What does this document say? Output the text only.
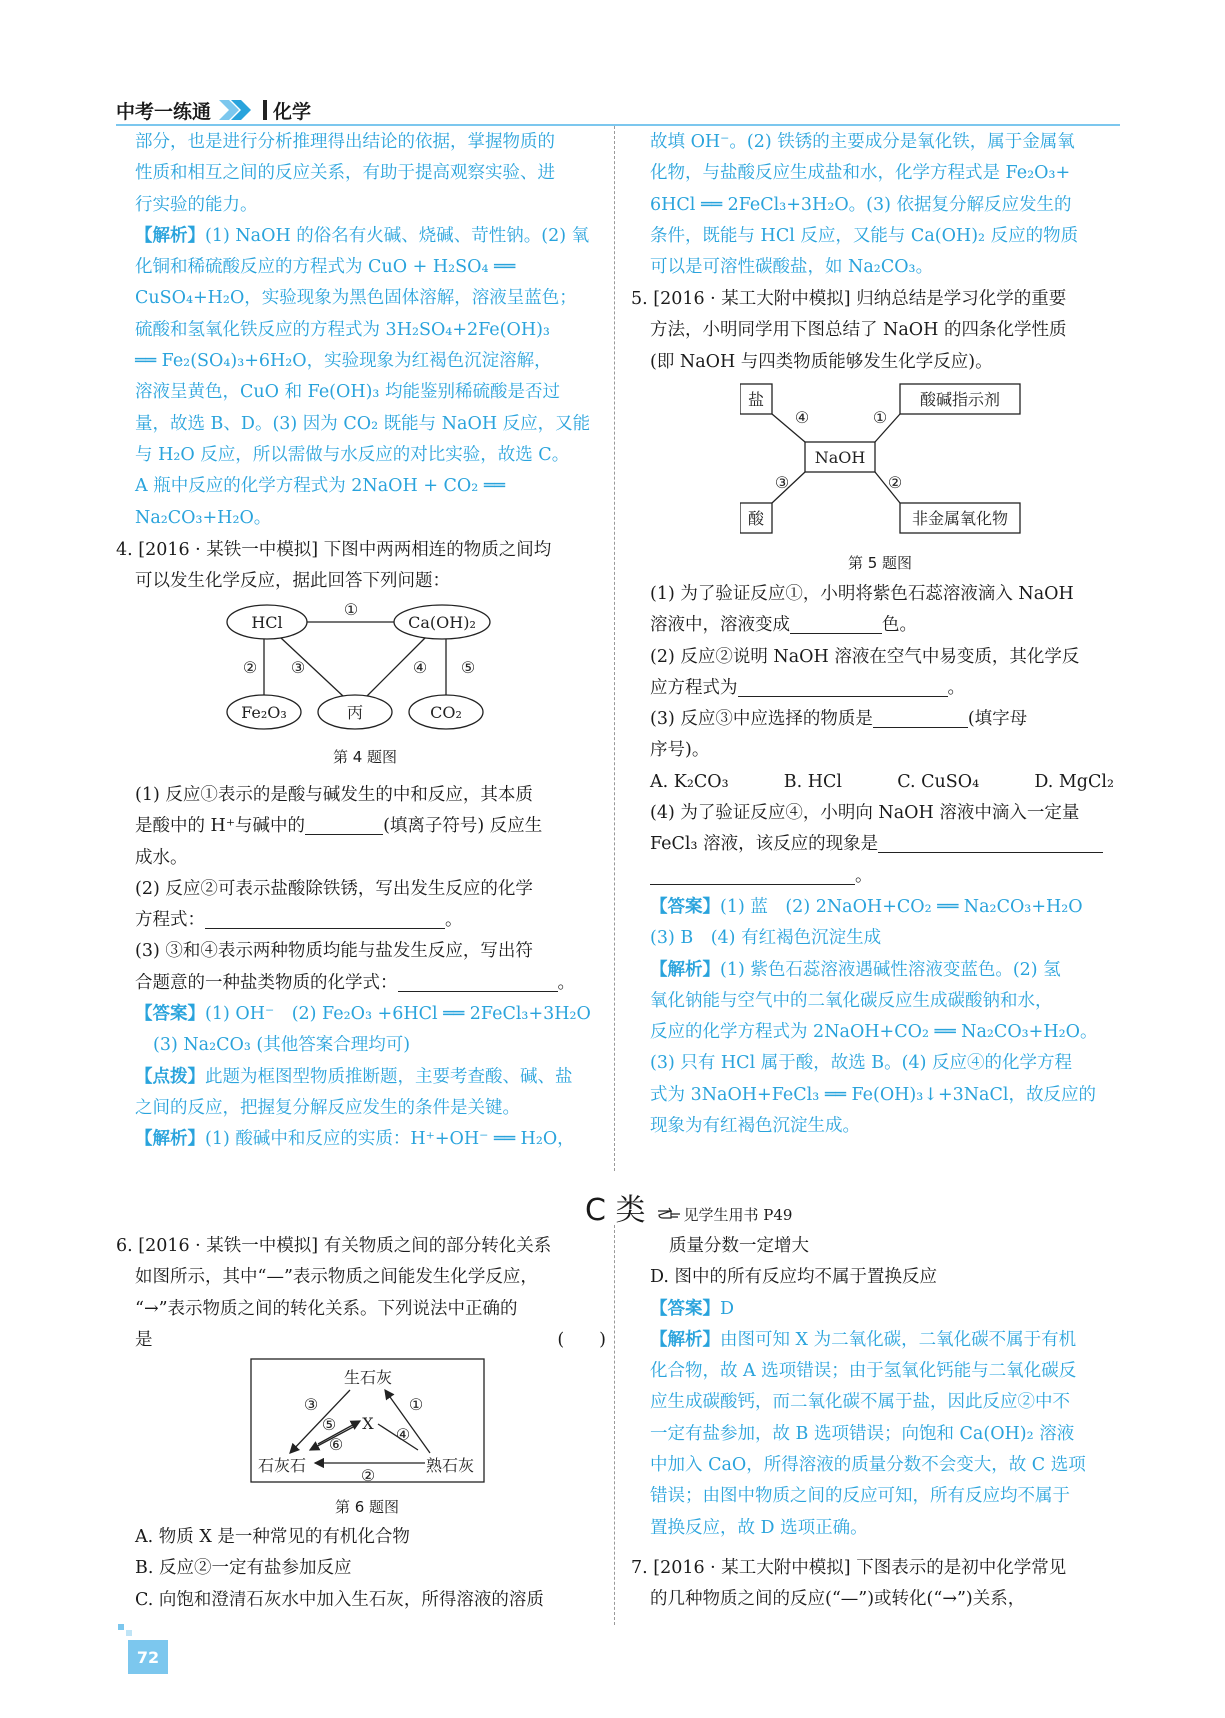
中考一练通	化学

部分，也是进行分析推理得出结论的依据，掌握物质的

性质和相互之间的反应关系，有助于提高观察实验、进

行实验的能力。

【解析】(1) NaOH 的俗名有火碱、烧碱、苛性钠。(2) 氧

化铜和稀硫酸反应的方程式为 CuO + H₂SO₄ ══

CuSO₄+H₂O，实验现象为黑色固体溶解，溶液呈蓝色；

硫酸和氢氧化铁反应的方程式为 3H₂SO₄+2Fe(OH)₃

══ Fe₂(SO₄)₃+6H₂O，实验现象为红褐色沉淀溶解，

溶液呈黄色，CuO 和 Fe(OH)₃ 均能鉴别稀硫酸是否过

量，故选 B、D。(3) 因为 CO₂ 既能与 NaOH 反应，又能

与 H₂O 反应，所以需做与水反应的对比实验，故选 C。

A 瓶中反应的化学方程式为 2NaOH + CO₂ ══

Na₂CO₃+H₂O。

4. [2016 · 某铁一中模拟] 下图中两两相连的物质之间均

可以发生化学反应，据此回答下列问题：

HCl	Ca(OH)₂
Fe₂O₃	丙	CO₂
①
② ③	④ ⑤
第 4 题图

(1) 反应①表示的是酸与碱发生的中和反应，其本质

是酸中的 H⁺与碱中的	(填离子符号) 反应生

成水。

(2) 反应②可表示盐酸除铁锈，写出发生反应的化学

方程式：	。

(3) ③和④表示两种物质均能与盐发生反应，写出符

合题意的一种盐类物质的化学式：	。

【答案】(1) OH⁻　(2) Fe₂O₃ +6HCl ══ 2FeCl₃+3H₂O

(3) Na₂CO₃ (其他答案合理均可)

【点拨】此题为框图型物质推断题，主要考查酸、碱、盐

之间的反应，把握复分解反应发生的条件是关键。

【解析】(1) 酸碱中和反应的实质：H⁺+OH⁻ ══ H₂O，

故填 OH⁻。(2) 铁锈的主要成分是氧化铁，属于金属氧

化物，与盐酸反应生成盐和水，化学方程式是 Fe₂O₃+

6HCl ══ 2FeCl₃+3H₂O。(3) 依据复分解反应发生的

条件，既能与 HCl 反应，又能与 Ca(OH)₂ 反应的物质

可以是可溶性碳酸盐，如 Na₂CO₃。

5. [2016 · 某工大附中模拟] 归纳总结是学习化学的重要

方法，小明同学用下图总结了 NaOH 的四条化学性质

(即 NaOH 与四类物质能够发生化学反应)。

盐	酸碱指示剂
NaOH
酸	非金属氧化物
④	①
③	②
第 5 题图

(1) 为了验证反应①，小明将紫色石蕊溶液滴入 NaOH

溶液中，溶液变成	色。

(2) 反应②说明 NaOH 溶液在空气中易变质，其化学反

应方程式为	。

(3) 反应③中应选择的物质是	(填字母

序号)。

A. K₂CO₃	B. HCl	C. CuSO₄	D. MgCl₂

(4) 为了验证反应④，小明向 NaOH 溶液中滴入一定量

FeCl₃ 溶液，该反应的现象是

。

【答案】(1) 蓝　(2) 2NaOH+CO₂ ══ Na₂CO₃+H₂O

(3) B　(4) 有红褐色沉淀生成

【解析】(1) 紫色石蕊溶液遇碱性溶液变蓝色。(2) 氢

氧化钠能与空气中的二氧化碳反应生成碳酸钠和水，

反应的化学方程式为 2NaOH+CO₂ ══ Na₂CO₃+H₂O。

(3) 只有 HCl 属于酸，故选 B。(4) 反应④的化学方程

式为 3NaOH+FeCl₃ ══ Fe(OH)₃↓+3NaCl，故反应的

现象为有红褐色沉淀生成。

C 类	见学生用书 P49

6. [2016 · 某铁一中模拟] 有关物质之间的部分转化关系

如图所示，其中“—”表示物质之间能发生化学反应，

“→”表示物质之间的转化关系。下列说法中正确的

是	(　　)

生石灰
X
石灰石	熟石灰
③	①
⑤
④
⑥
②
第 6 题图

A. 物质 X 是一种常见的有机化合物

B. 反应②一定有盐参加反应

C. 向饱和澄清石灰水中加入生石灰，所得溶液的溶质

质量分数一定增大

D. 图中的所有反应均不属于置换反应

【答案】D

【解析】由图可知 X 为二氧化碳，二氧化碳不属于有机

化合物，故 A 选项错误；由于氢氧化钙能与二氧化碳反

应生成碳酸钙，而二氧化碳不属于盐，因此反应②中不

一定有盐参加，故 B 选项错误；向饱和 Ca(OH)₂ 溶液

中加入 CaO，所得溶液的质量分数不会变大，故 C 选项

错误；由图中物质之间的反应可知，所有反应均不属于

置换反应，故 D 选项正确。

7. [2016 · 某工大附中模拟] 下图表示的是初中化学常见

的几种物质之间的反应(“—”)或转化(“→”)关系，

72
